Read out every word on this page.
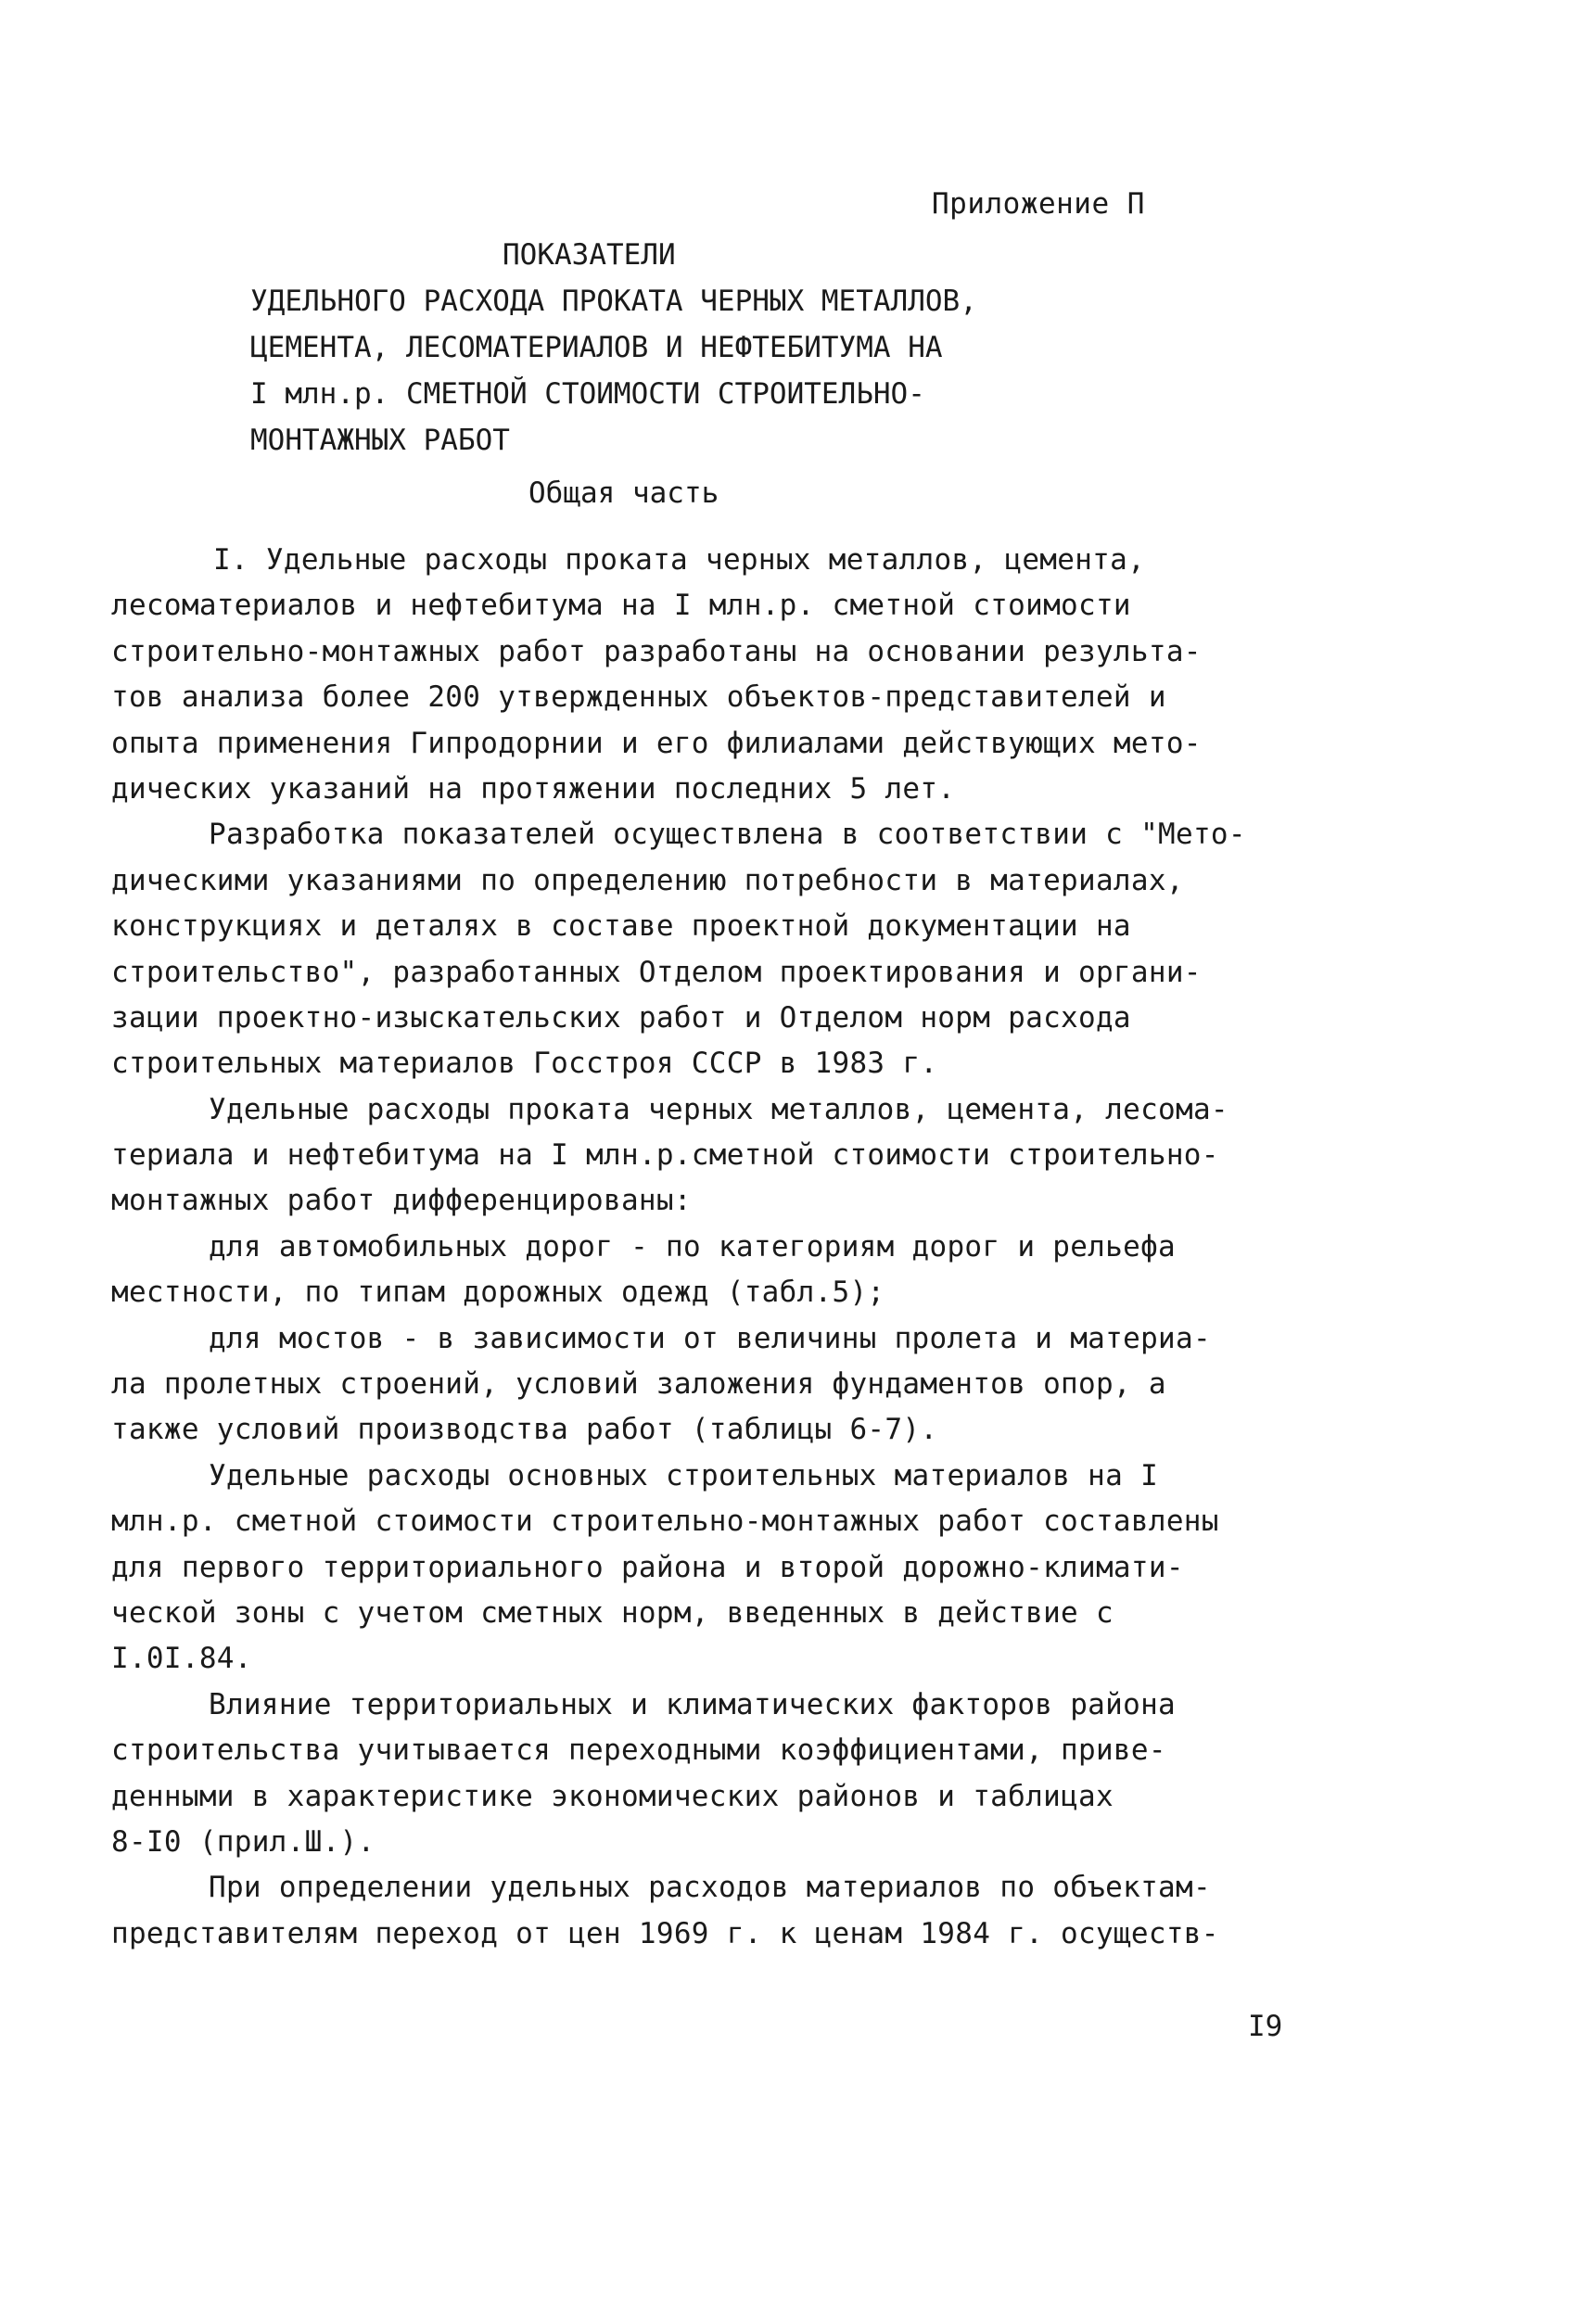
Приложение П
ПОКАЗАТЕЛИ
УДЕЛЬНОГО РАСХОДА ПРОКАТА ЧЕРНЫХ МЕТАЛЛОВ,
ЦЕМЕНТА, ЛЕСОМАТЕРИАЛОВ И НЕФТЕБИТУМА НА
I млн.р. СМЕТНОЙ СТОИМОСТИ СТРОИТЕЛЬНО-
МОНТАЖНЫХ РАБОТ
Общая часть
I. Удельные расходы проката черных металлов, цемента,
лесоматериалов и нефтебитума на I млн.р. сметной стоимости
строительно-монтажных работ разработаны на основании результа-
тов анализа более 200 утвержденных объектов-представителей и
опыта применения Гипродорнии и его филиалами действующих мето-
дических указаний на протяжении последних 5 лет.
Разработка показателей осуществлена в соответствии с "Мето-
дическими указаниями по определению потребности в материалах,
конструкциях и деталях в составе проектной документации на
строительство", разработанных Отделом проектирования и органи-
зации проектно-изыскательских работ и Отделом норм расхода
строительных материалов Госстроя СССР в 1983 г.
Удельные расходы проката черных металлов, цемента, лесома-
териала и нефтебитума на I млн.р.сметной стоимости строительно-
монтажных работ дифференцированы:
для автомобильных дорог - по категориям дорог и рельефа
местности, по типам дорожных одежд (табл.5);
для мостов - в зависимости от величины пролета и материа-
ла пролетных строений, условий заложения фундаментов опор, а
также условий производства работ (таблицы 6-7).
Удельные расходы основных строительных материалов на I
млн.р. сметной стоимости строительно-монтажных работ составлены
для первого территориального района и второй дорожно-климати-
ческой зоны с учетом сметных норм, введенных в действие с
I.0I.84.
Влияние территориальных и климатических факторов района
строительства учитывается переходными коэффициентами, приве-
денными в характеристике экономических районов и таблицах
8-I0 (прил.Ш.).
При определении удельных расходов материалов по объектам-
представителям переход от цен 1969 г. к ценам 1984 г. осуществ-
I9
